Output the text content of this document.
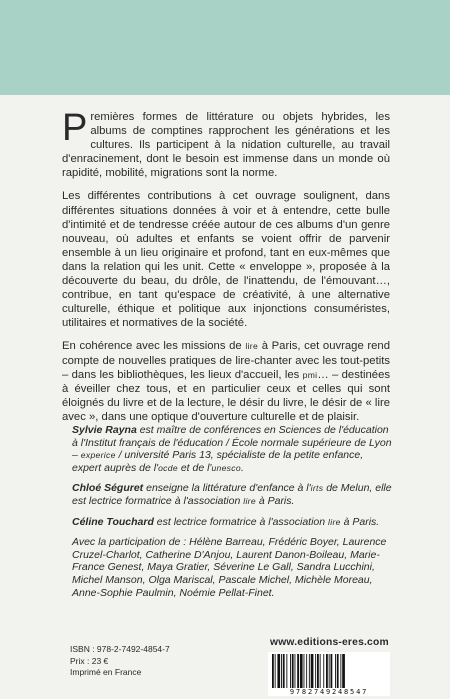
Premières formes de littérature ou objets hybrides, les albums de comptines rapprochent les générations et les cultures. Ils participent à la nidation culturelle, au travail d'enracinement, dont le besoin est immense dans un monde où rapidité, mobilité, migrations sont la norme.

Les différentes contributions à cet ouvrage soulignent, dans différentes situations données à voir et à entendre, cette bulle d'intimité et de tendresse créée autour de ces albums d'un genre nouveau, où adultes et enfants se voient offrir de parvenir ensemble à un lieu originaire et profond, tant en eux-mêmes que dans la relation qui les unit. Cette « enveloppe », proposée à la découverte du beau, du drôle, de l'inattendu, de l'émouvant…, contribue, en tant qu'espace de créativité, à une alternative culturelle, éthique et politique aux injonctions consuméristes, utilitaires et normatives de la société.

En cohérence avec les missions de lire à Paris, cet ouvrage rend compte de nouvelles pratiques de lire-chanter avec les tout-petits – dans les bibliothèques, les lieux d'accueil, les pmi… – destinées à éveiller chez tous, et en particulier ceux et celles qui sont éloignés du livre et de la lecture, le désir du livre, le désir de « lire avec », dans une optique d'ouverture culturelle et de plaisir.

Sylvie Rayna est maître de conférences en Sciences de l'éducation à l'Institut français de l'éducation / École normale supérieure de Lyon – experice / université Paris 13, spécialiste de la petite enfance, expert auprès de l'ocde et de l'unesco.

Chloé Séguret enseigne la littérature d'enfance à l'irts de Melun, elle est lectrice formatrice à l'association lire à Paris.

Céline Touchard est lectrice formatrice à l'association lire à Paris.

Avec la participation de : Hélène Barreau, Frédéric Boyer, Laurence Cruzel-Charlot, Catherine D'Anjou, Laurent Danon-Boileau, Marie-France Genest, Maya Gratier, Séverine Le Gall, Sandra Lucchini, Michel Manson, Olga Mariscal, Pascale Michel, Michèle Moreau, Anne-Sophie Paulmin, Noémie Pellat-Finet.

ISBN : 978-2-7492-4854-7
Prix : 23 €
Imprimé en France
www.editions-eres.com
9782749248547
